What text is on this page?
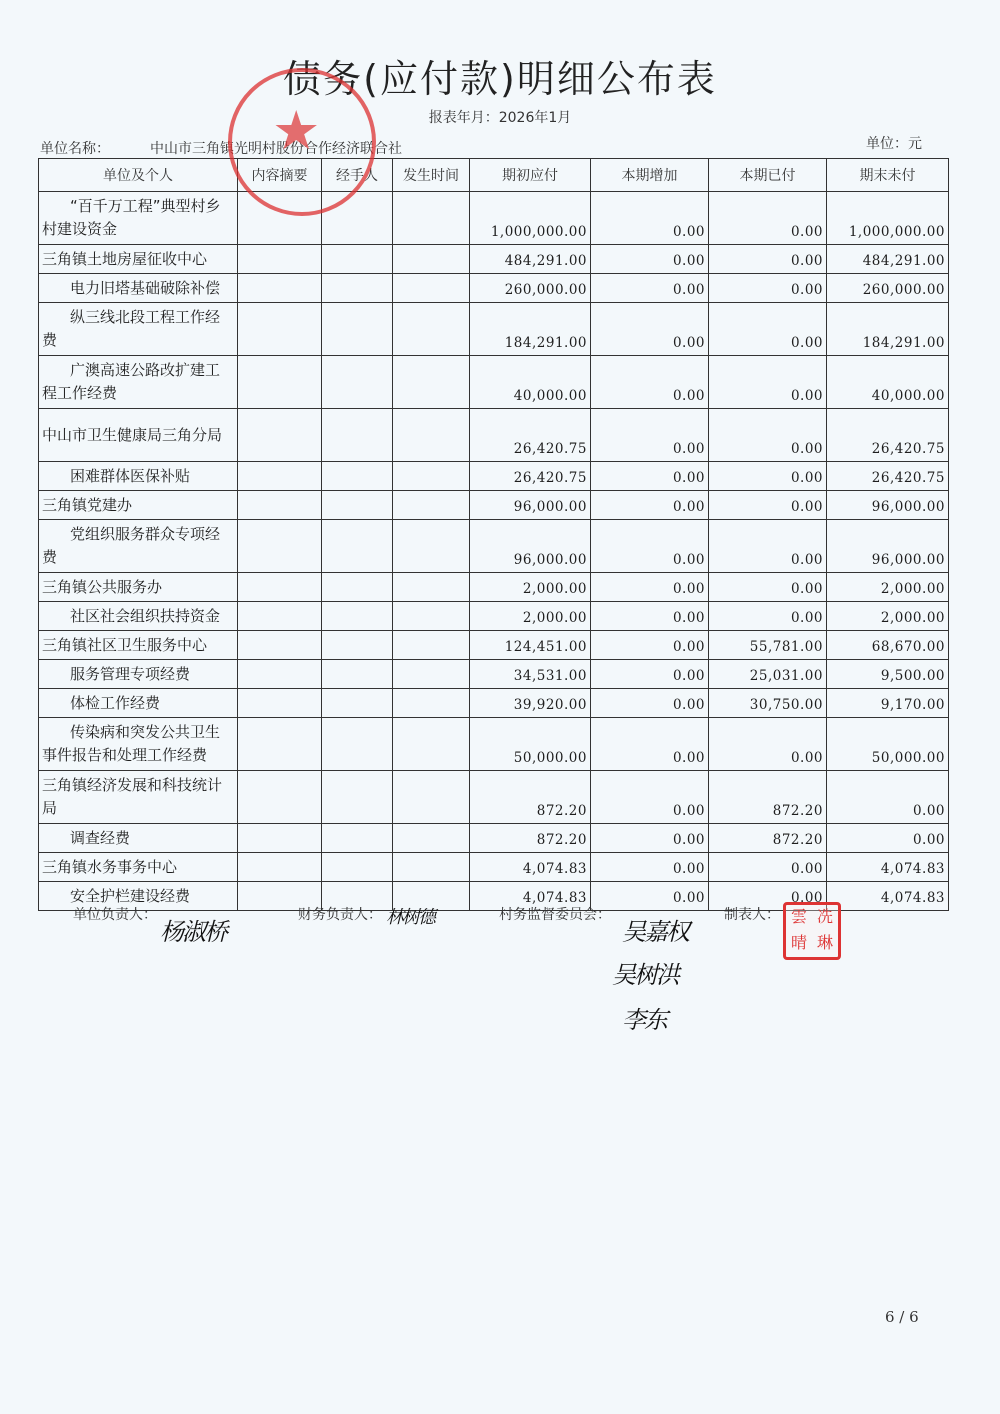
债务(应付款)明细公布表
报表年月：2026年1月
单位名称：	中山市三角镇光明村股份合作经济联合社	单位：元
单位及个人	内容摘要	经手人	发生时间	期初应付	本期增加	本期已付	期末未付
“百千万工程”典型村乡村建设资金				1,000,000.00	0.00	0.00	1,000,000.00
三角镇土地房屋征收中心				484,291.00	0.00	0.00	484,291.00
电力旧塔基础破除补偿				260,000.00	0.00	0.00	260,000.00
纵三线北段工程工作经费				184,291.00	0.00	0.00	184,291.00
广澳高速公路改扩建工程工作经费				40,000.00	0.00	0.00	40,000.00
中山市卫生健康局三角分局				26,420.75	0.00	0.00	26,420.75
困难群体医保补贴				26,420.75	0.00	0.00	26,420.75
三角镇党建办				96,000.00	0.00	0.00	96,000.00
党组织服务群众专项经费				96,000.00	0.00	0.00	96,000.00
三角镇公共服务办				2,000.00	0.00	0.00	2,000.00
社区社会组织扶持资金				2,000.00	0.00	0.00	2,000.00
三角镇社区卫生服务中心				124,451.00	0.00	55,781.00	68,670.00
服务管理专项经费				34,531.00	0.00	25,031.00	9,500.00
体检工作经费				39,920.00	0.00	30,750.00	9,170.00
传染病和突发公共卫生事件报告和处理工作经费				50,000.00	0.00	0.00	50,000.00
三角镇经济发展和科技统计局				872.20	0.00	872.20	0.00
调查经费				872.20	0.00	872.20	0.00
三角镇水务事务中心				4,074.83	0.00	0.00	4,074.83
安全护栏建设经费				4,074.83	0.00	0.00	4,074.83
★
单位负责人：
杨淑桥
财务负责人： 林树德	村务监督委员会：
吴嘉权
吴树洪
李东
制表人： 雲 冼
晴 琳
6 / 6
